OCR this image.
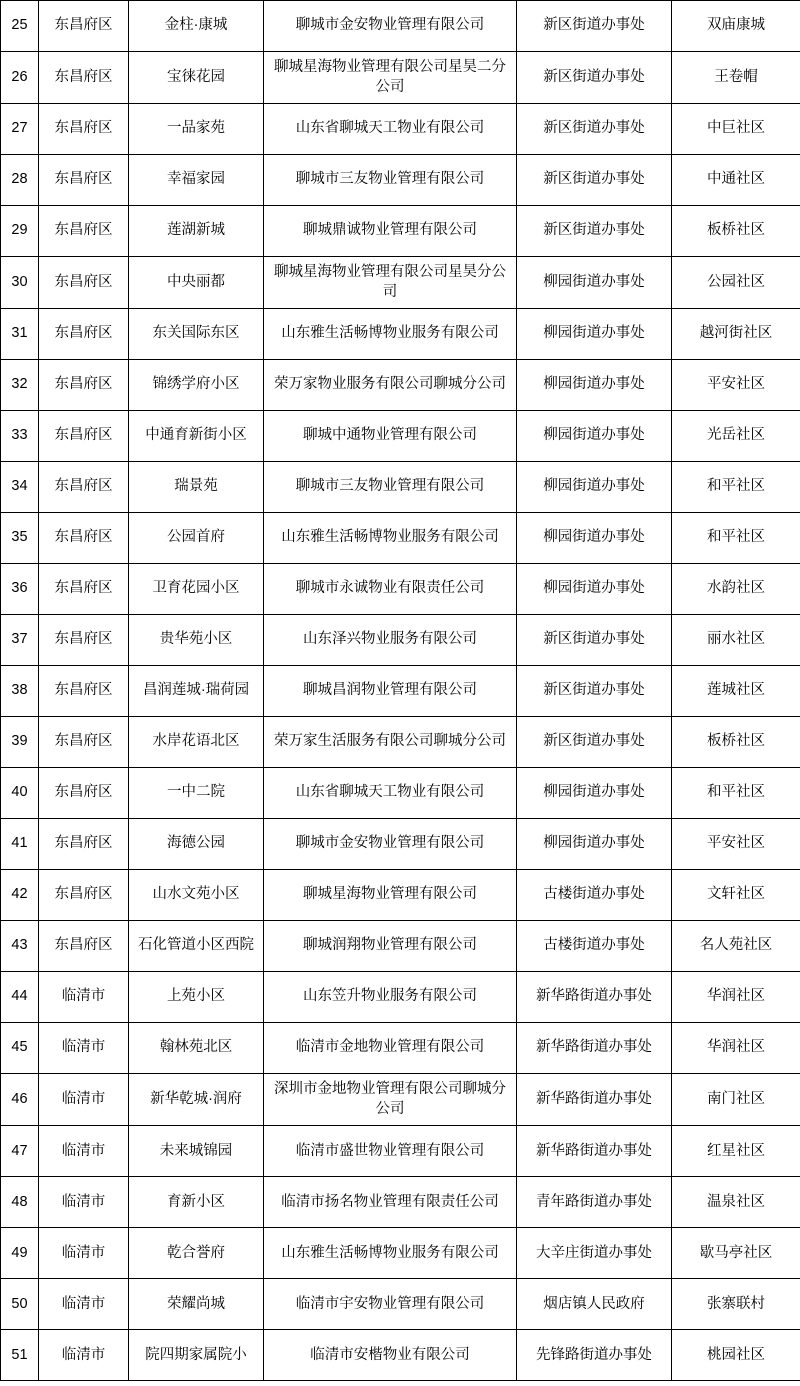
25	东昌府区	金柱·康城	聊城市金安物业管理有限公司	新区街道办事处	双庙康城
26	东昌府区	宝徕花园	聊城星海物业管理有限公司星昊二分公司	新区街道办事处	王卷帽
27	东昌府区	一品家苑	山东省聊城天工物业有限公司	新区街道办事处	中巨社区
28	东昌府区	幸福家园	聊城市三友物业管理有限公司	新区街道办事处	中通社区
29	东昌府区	莲湖新城	聊城鼎诚物业管理有限公司	新区街道办事处	板桥社区
30	东昌府区	中央丽都	聊城星海物业管理有限公司星昊分公司	柳园街道办事处	公园社区
31	东昌府区	东关国际东区	山东雅生活畅博物业服务有限公司	柳园街道办事处	越河街社区
32	东昌府区	锦绣学府小区	荣万家物业服务有限公司聊城分公司	柳园街道办事处	平安社区
33	东昌府区	中通育新街小区	聊城中通物业管理有限公司	柳园街道办事处	光岳社区
34	东昌府区	瑞景苑	聊城市三友物业管理有限公司	柳园街道办事处	和平社区
35	东昌府区	公园首府	山东雅生活畅博物业服务有限公司	柳园街道办事处	和平社区
36	东昌府区	卫育花园小区	聊城市永诚物业有限责任公司	柳园街道办事处	水韵社区
37	东昌府区	贵华苑小区	山东泽兴物业服务有限公司	新区街道办事处	丽水社区
38	东昌府区	昌润莲城·瑞荷园	聊城昌润物业管理有限公司	新区街道办事处	莲城社区
39	东昌府区	水岸花语北区	荣万家生活服务有限公司聊城分公司	新区街道办事处	板桥社区
40	东昌府区	一中二院	山东省聊城天工物业有限公司	柳园街道办事处	和平社区
41	东昌府区	海德公园	聊城市金安物业管理有限公司	柳园街道办事处	平安社区
42	东昌府区	山水文苑小区	聊城星海物业管理有限公司	古楼街道办事处	文轩社区
43	东昌府区	石化管道小区西院	聊城润翔物业管理有限公司	古楼街道办事处	名人苑社区
44	临清市	上苑小区	山东笠升物业服务有限公司	新华路街道办事处	华润社区
45	临清市	翰林苑北区	临清市金地物业管理有限公司	新华路街道办事处	华润社区
46	临清市	新华乾城·润府	深圳市金地物业管理有限公司聊城分公司	新华路街道办事处	南门社区
47	临清市	未来城锦园	临清市盛世物业管理有限公司	新华路街道办事处	红星社区
48	临清市	育新小区	临清市扬名物业管理有限责任公司	青年路街道办事处	温泉社区
49	临清市	乾合誉府	山东雅生活畅博物业服务有限公司	大辛庄街道办事处	歇马亭社区
50	临清市	荣耀尚城	临清市宇安物业管理有限公司	烟店镇人民政府	张寨联村
51	临清市	院四期家属院小	临清市安楷物业有限公司	先锋路街道办事处	桃园社区
